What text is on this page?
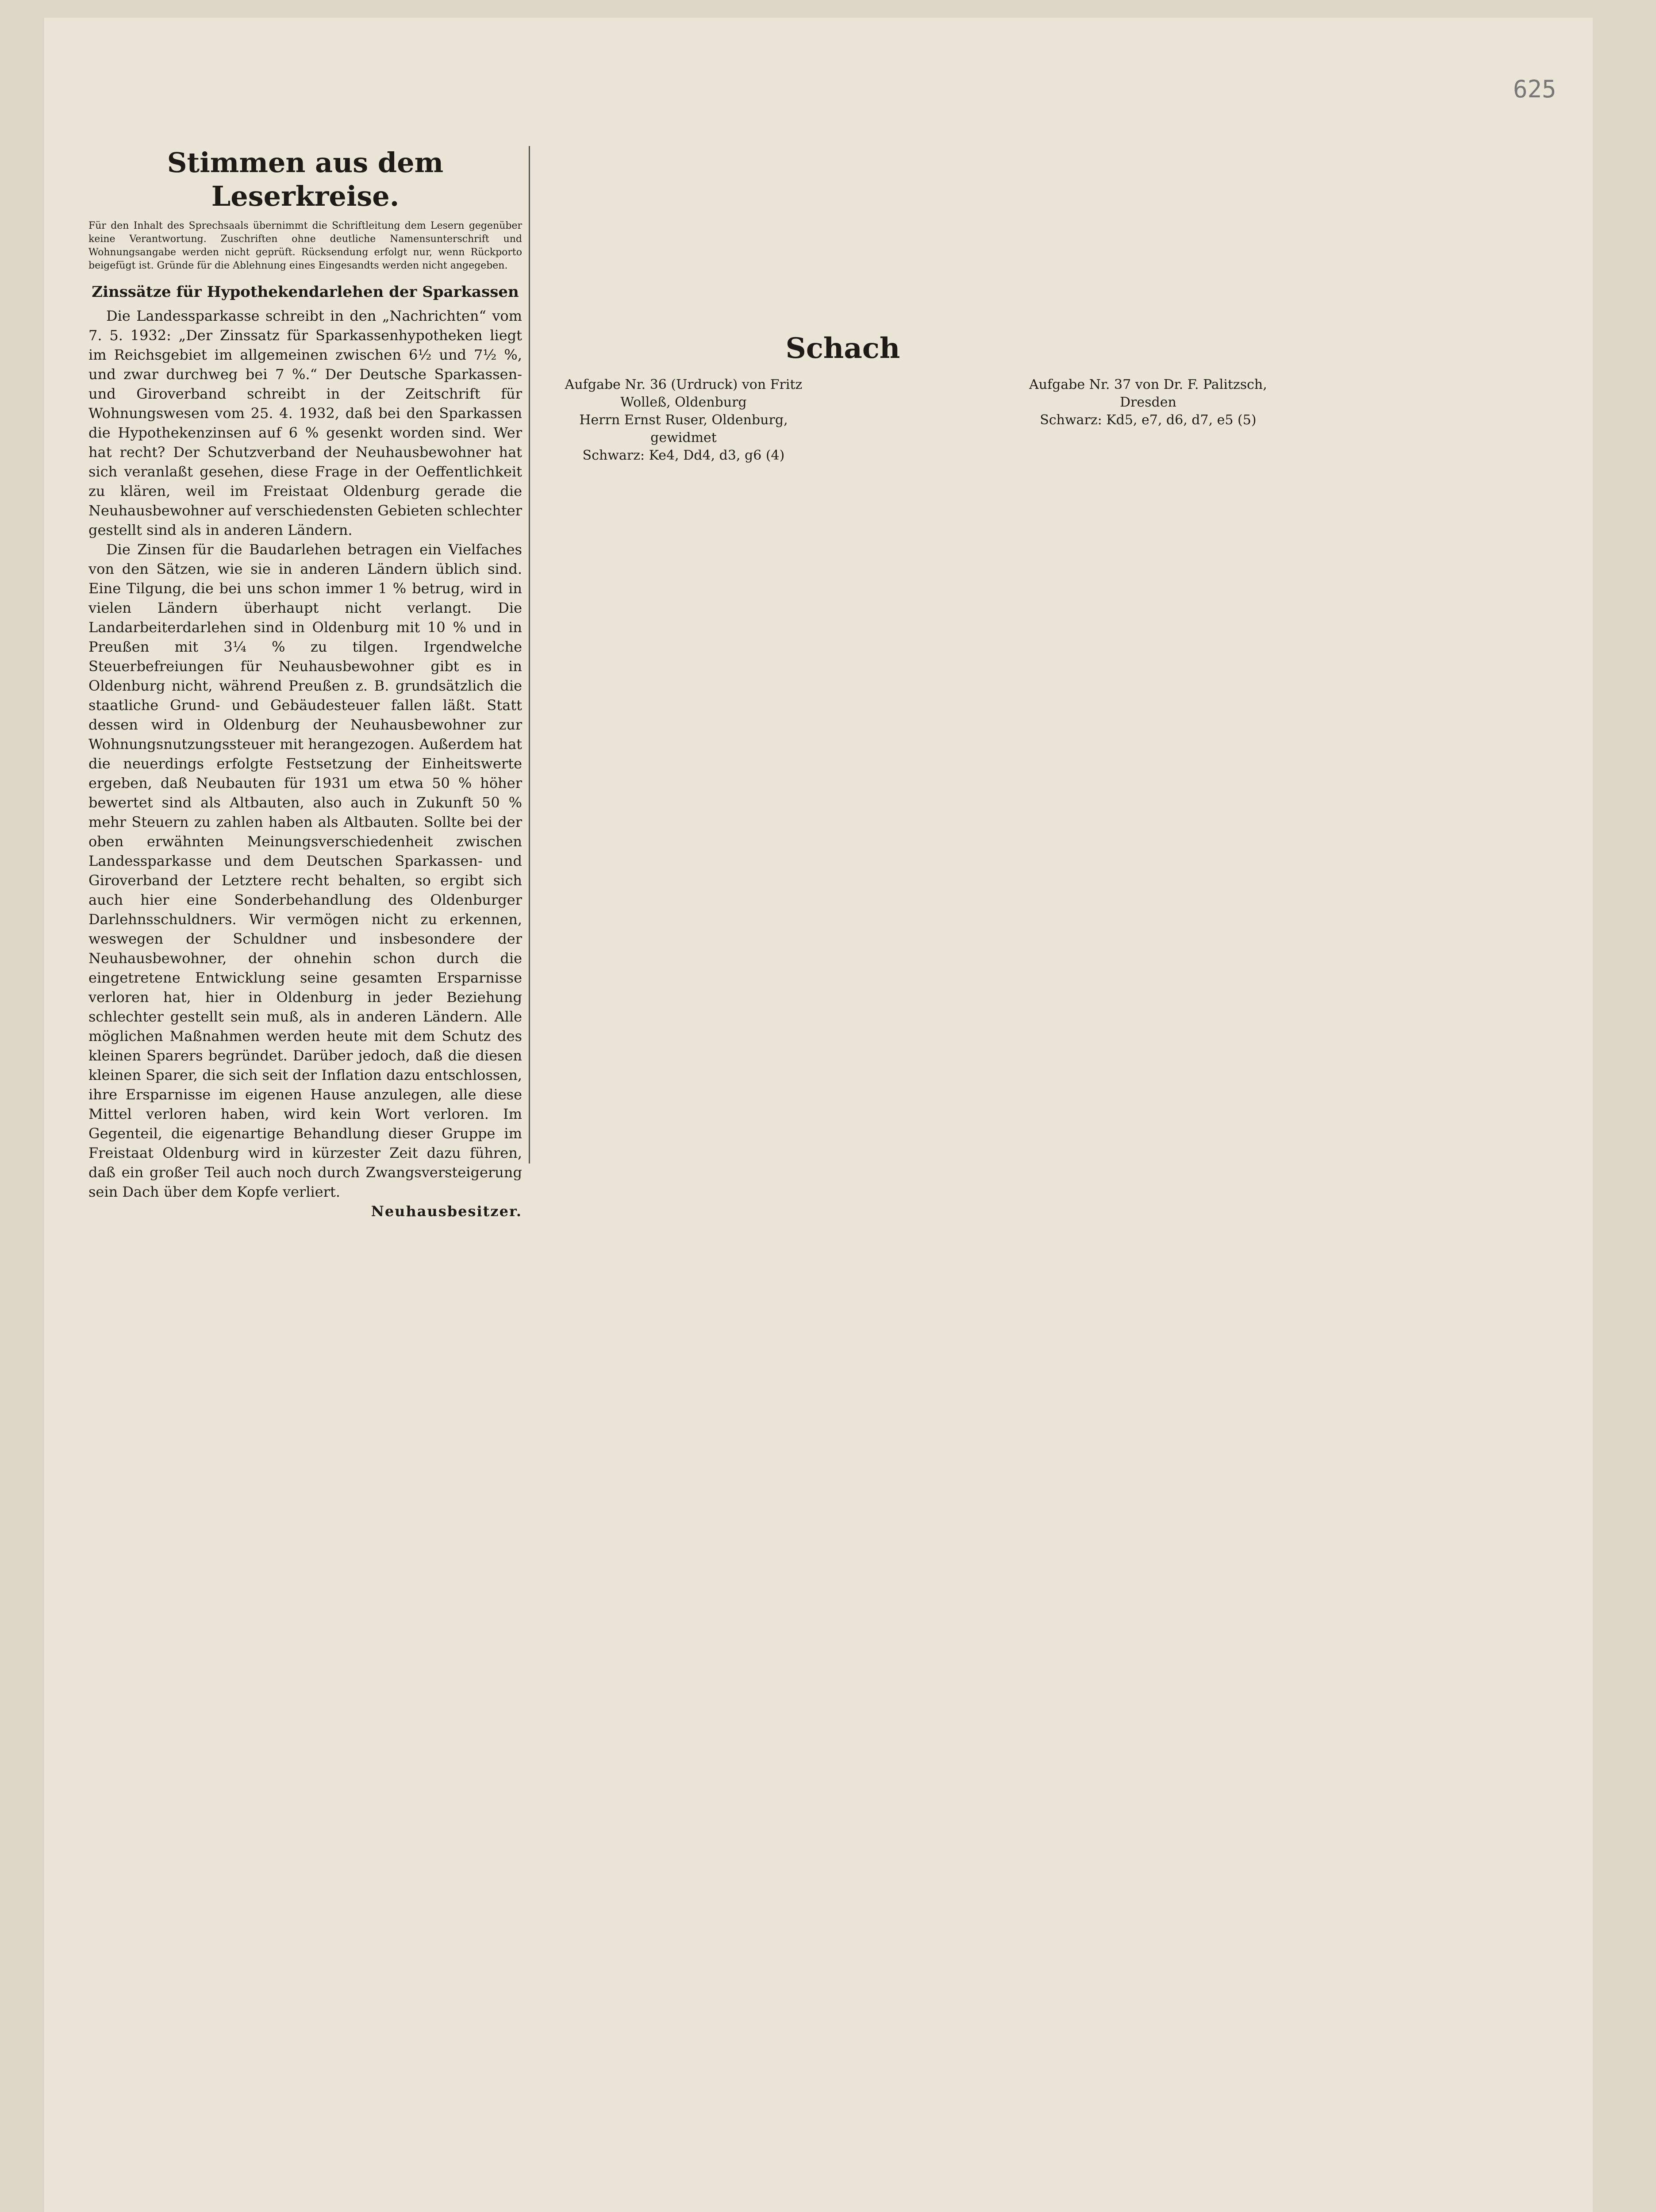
625
Stimmen aus dem Leserkreise.

Für den Inhalt des Sprechsaals übernimmt die Schriftleitung dem Lesern gegenüber keine Verantwortung. Zuschriften ohne deutliche Namensunterschrift und Wohnungsangabe werden nicht geprüft. Rücksendung erfolgt nur, wenn Rückporto beigefügt ist. Gründe für die Ablehnung eines Eingesandts werden nicht angegeben.

Zinssätze für Hypothekendarlehen der Sparkassen

Die Landessparkasse schreibt in den „Nachrichten“ vom 7. 5. 1932: „Der Zinssatz für Sparkassenhypotheken liegt im Reichsgebiet im allgemeinen zwischen 6½ und 7½ %, und zwar durchweg bei 7 %.“ Der Deutsche Sparkassen- und Giroverband schreibt in der Zeitschrift für Wohnungswesen vom 25. 4. 1932, daß bei den Sparkassen die Hypothekenzinsen auf 6 % gesenkt worden sind. Wer hat recht? Der Schutzverband der Neuhausbewohner hat sich veranlaßt gesehen, diese Frage in der Oeffentlichkeit zu klären, weil im Freistaat Oldenburg gerade die Neuhausbewohner auf verschiedensten Gebieten schlechter gestellt sind als in anderen Ländern.

Die Zinsen für die Baudarlehen betragen ein Vielfaches von den Sätzen, wie sie in anderen Ländern üblich sind. Eine Tilgung, die bei uns schon immer 1 % betrug, wird in vielen Ländern überhaupt nicht verlangt. Die Landarbeiterdarlehen sind in Oldenburg mit 10 % und in Preußen mit 3¼ % zu tilgen. Irgendwelche Steuerbefreiungen für Neuhausbewohner gibt es in Oldenburg nicht, während Preußen z. B. grundsätzlich die staatliche Grund- und Gebäudesteuer fallen läßt. Statt dessen wird in Oldenburg der Neuhausbewohner zur Wohnungsnutzungssteuer mit herangezogen. Außerdem hat die neuerdings erfolgte Festsetzung der Einheitswerte ergeben, daß Neubauten für 1931 um etwa 50 % höher bewertet sind als Altbauten, also auch in Zukunft 50 % mehr Steuern zu zahlen haben als Altbauten. Sollte bei der oben erwähnten Meinungsverschiedenheit zwischen Landessparkasse und dem Deutschen Sparkassen- und Giroverband der Letztere recht behalten, so ergibt sich auch hier eine Sonderbehandlung des Oldenburger Darlehnsschuldners. Wir vermögen nicht zu erkennen, weswegen der Schuldner und insbesondere der Neuhausbewohner, der ohnehin schon durch die eingetretene Entwicklung seine gesamten Ersparnisse verloren hat, hier in Oldenburg in jeder Beziehung schlechter gestellt sein muß, als in anderen Ländern. Alle möglichen Maßnahmen werden heute mit dem Schutz des kleinen Sparers begründet. Darüber jedoch, daß die diesen kleinen Sparer, die sich seit der Inflation dazu entschlossen, ihre Ersparnisse im eigenen Hause anzulegen, alle diese Mittel verloren haben, wird kein Wort verloren. Im Gegenteil, die eigenartige Behandlung dieser Gruppe im Freistaat Oldenburg wird in kürzester Zeit dazu führen, daß ein großer Teil auch noch durch Zwangsversteigerung sein Dach über dem Kopfe verliert.

Neuhausbesitzer.

Schach
Aufgabe Nr. 36 (Urdruck) von Fritz Wolleß, Oldenburg
Herrn Ernst Ruser, Oldenburg, gewidmet
Schwarz: Ke4, Dd4, d3, g6 (4)
Aufgabe Nr. 37 von Dr. F. Palitzsch, Dresden
Schwarz: Kd5, e7, d6, d7, e5 (5)
